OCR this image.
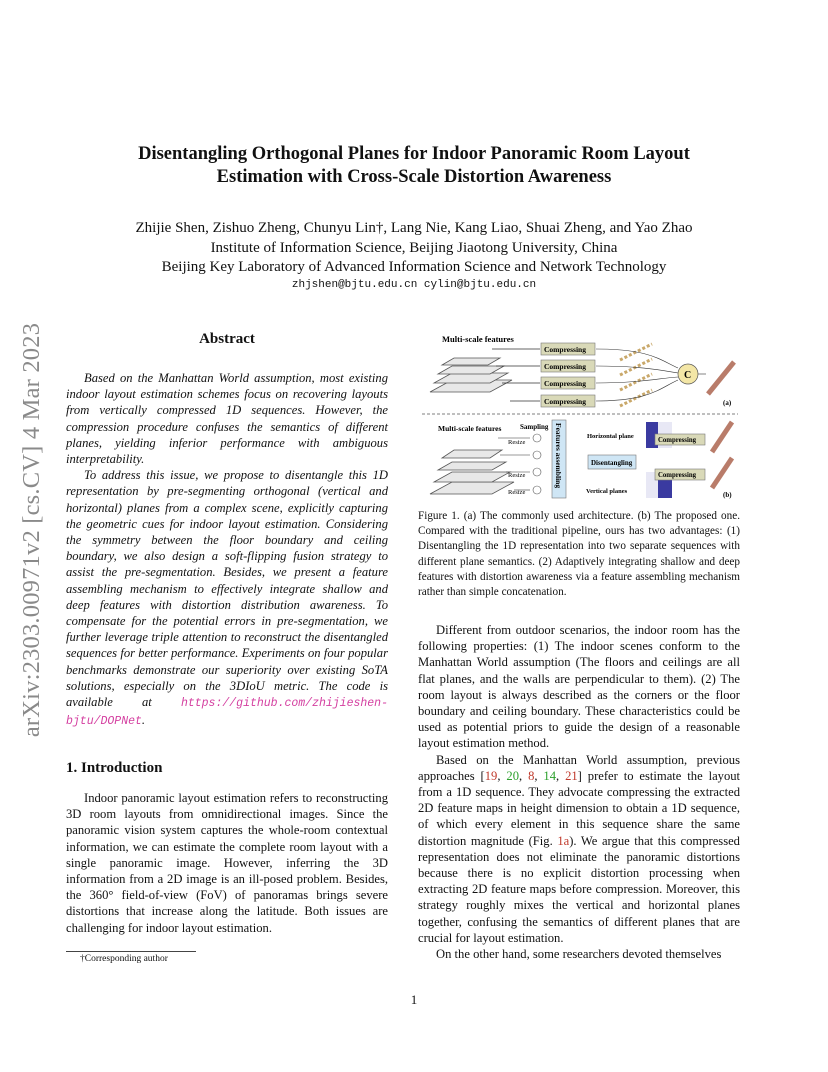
arXiv:2303.00971v2 [cs.CV] 4 Mar 2023
Disentangling Orthogonal Planes for Indoor Panoramic Room Layout
Estimation with Cross-Scale Distortion Awareness
Zhijie Shen, Zishuo Zheng, Chunyu Lin†, Lang Nie, Kang Liao, Shuai Zheng, and Yao Zhao
Institute of Information Science, Beijing Jiaotong University, China
Beijing Key Laboratory of Advanced Information Science and Network Technology
zhjshen@bjtu.edu.cn cylin@bjtu.edu.cn
Abstract

Based on the Manhattan World assumption, most existing indoor layout estimation schemes focus on recovering layouts from vertically compressed 1D sequences. However, the compression procedure confuses the semantics of different planes, yielding inferior performance with ambiguous interpretability.

To address this issue, we propose to disentangle this 1D representation by pre-segmenting orthogonal (vertical and horizontal) planes from a complex scene, explicitly capturing the geometric cues for indoor layout estimation. Considering the symmetry between the floor boundary and ceiling boundary, we also design a soft-flipping fusion strategy to assist the pre-segmentation. Besides, we present a feature assembling mechanism to effectively integrate shallow and deep features with distortion distribution awareness. To compensate for the potential errors in pre-segmentation, we further leverage triple attention to reconstruct the disentangled sequences for better performance. Experiments on four popular benchmarks demonstrate our superiority over existing SoTA solutions, especially on the 3DIoU metric. The code is available at	https://github.com/zhijieshen-bjtu/DOPNet.

1. Introduction

Indoor panoramic layout estimation refers to reconstructing 3D room layouts from omnidirectional images. Since the panoramic vision system captures the whole-room contextual information, we can estimate the complete room layout with a single panoramic image. However, inferring the 3D information from a 2D image is an ill-posed problem. Besides, the 360° field-of-view (FoV) of panoramas brings severe distortions that increase along the latitude. Both issues are challenging for indoor layout estimation.

†Corresponding author
1
Multi-scale features
Compressing
Compressing
Compressing
Compressing
C
(a)
Multi-scale features	Sampling
Resize
Resize
Resize
Features assembling	Horizontal plane
Disentangling
Vertical planes
Compressing
Compressing
(b)
Figure 1. (a) The commonly used architecture. (b) The proposed one. Compared with the traditional pipeline, ours has two advantages: (1) Disentangling the 1D representation into two separate sequences with different plane semantics. (2) Adaptively integrating shallow and deep features with distortion awareness via a feature assembling mechanism rather than simple concatenation.

Different from outdoor scenarios, the indoor room has the following properties: (1) The indoor scenes conform to the Manhattan World assumption (The floors and ceilings are all flat planes, and the walls are perpendicular to them). (2) The room layout is always described as the corners or the floor boundary and ceiling boundary. These characteristics could be used as potential priors to guide the design of a reasonable layout estimation method.

Based on the Manhattan World assumption, previous approaches [19, 20, 8, 14, 21] prefer to estimate the layout from a 1D sequence. They advocate compressing the extracted 2D feature maps in height dimension to obtain a 1D sequence, of which every element in this sequence share the same distortion magnitude (Fig. 1a). We argue that this compressed representation does not eliminate the panoramic distortions because there is no explicit distortion processing when extracting 2D feature maps before compression. Moreover, this strategy roughly mixes the vertical and horizontal planes together, confusing the semantics of different planes that are crucial for layout estimation.

On the other hand, some researchers devoted themselves
